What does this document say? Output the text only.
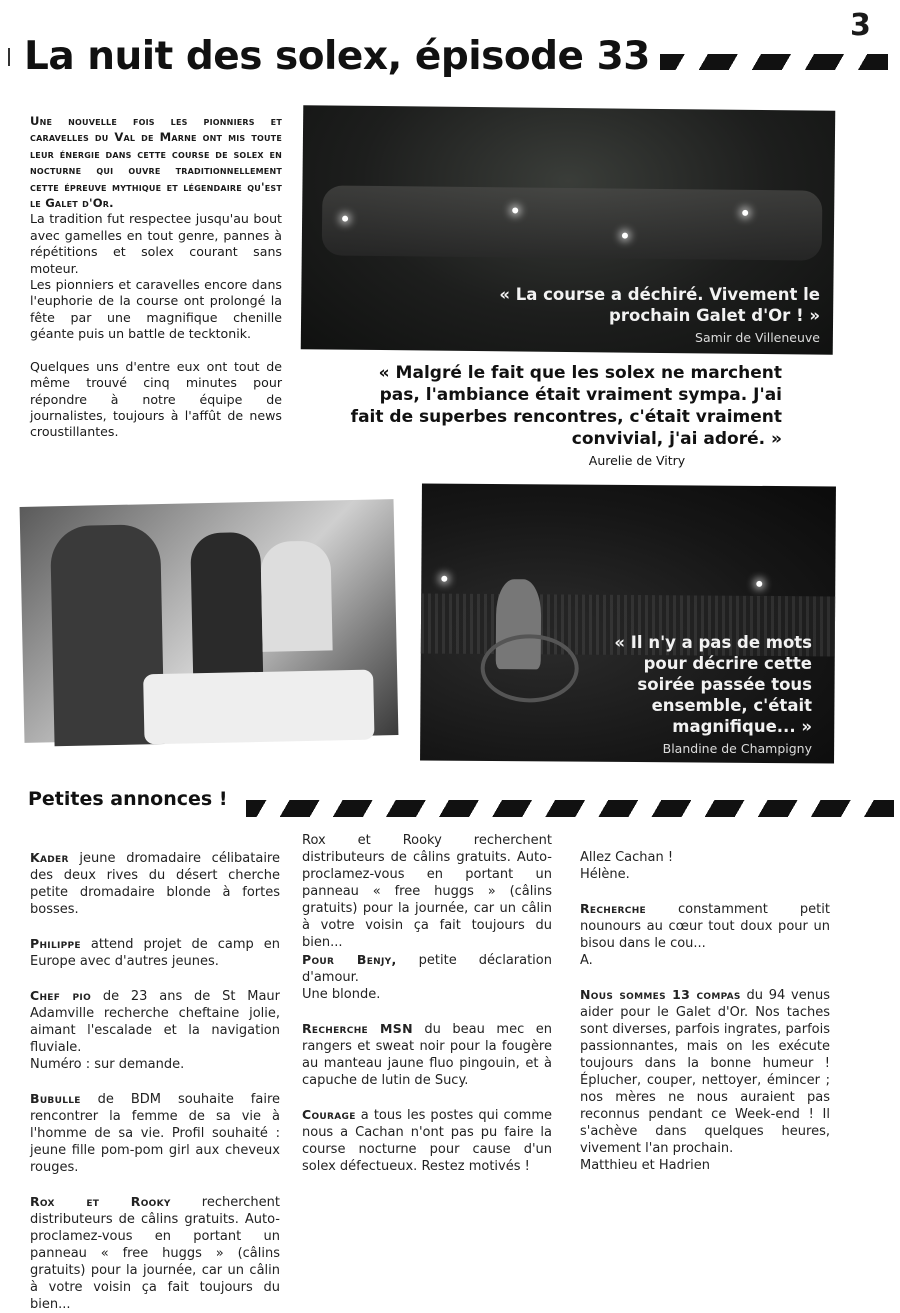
3
La nuit des solex, épisode 33

Une nouvelle fois les pionniers et caravelles du Val de Marne ont mis toute leur énergie dans cette course de solex en nocturne qui ouvre traditionnellement cette épreuve mythique et légendaire qu'est le Galet d'Or.
La tradition fut respectee jusqu'au bout avec gamelles en tout genre, pannes à répétitions et solex courant sans moteur.

Les pionniers et caravelles encore dans l'euphorie de la course ont prolongé la fête par une magnifique chenille géante puis un battle de tecktonik.

Quelques uns d'entre eux ont tout de même trouvé cinq minutes pour répondre à notre équipe de journalistes, toujours à l'affût de news croustillantes.

« La course a déchiré. Vivement le prochain Galet d'Or ! »
Samir de Villeneuve
« Malgré le fait que les solex ne marchent pas, l'ambiance était vraiment sympa. J'ai fait de superbes rencontres, c'était vraiment convivial, j'ai adoré. »
Aurelie de Vitry
« Il n'y a pas de mots pour décrire cette soirée passée tous ensemble, c'était magnifique... »
Blandine de Champigny
Petites annonces !

Kader jeune dromadaire célibataire des deux rives du désert cherche petite dromadaire blonde à fortes bosses.

Philippe attend projet de camp en Europe avec d'autres jeunes.

Chef pio de 23 ans de St Maur Adamville recherche cheftaine jolie, aimant l'escalade et la navigation fluviale.
Numéro : sur demande.

Bubulle de BDM souhaite faire rencontrer la femme de sa vie à l'homme de sa vie. Profil souhaité : jeune fille pom-pom girl aux cheveux rouges.

Rox et Rooky recherchent distributeurs de câlins gratuits. Auto-proclamez-vous en portant un panneau « free huggs » (câlins gratuits) pour la journée, car un câlin à votre voisin ça fait toujours du bien...

Rox et Rooky recherchent distributeurs de câlins gratuits. Auto-proclamez-vous en portant un panneau « free huggs » (câlins gratuits) pour la journée, car un câlin à votre voisin ça fait toujours du bien...

Pour Benjy, petite déclaration d'amour.
Une blonde.

Recherche MSN du beau mec en rangers et sweat noir pour la fougère au manteau jaune fluo pingouin, et à capuche de lutin de Sucy.

Courage a tous les postes qui comme nous a Cachan n'ont pas pu faire la course nocturne pour cause d'un solex défectueux. Restez motivés !

Allez Cachan !
Hélène.

Recherche constamment petit nounours au cœur tout doux pour un bisou dans le cou...
A.

Nous sommes 13 compas du 94 venus aider pour le Galet d'Or. Nos taches sont diverses, parfois ingrates, parfois passionnantes, mais on les exécute toujours dans la bonne humeur ! Éplucher, couper, nettoyer, émincer ; nos mères ne nous auraient pas reconnus pendant ce Week-end ! Il s'achève dans quelques heures, vivement l'an prochain.
Matthieu et Hadrien
